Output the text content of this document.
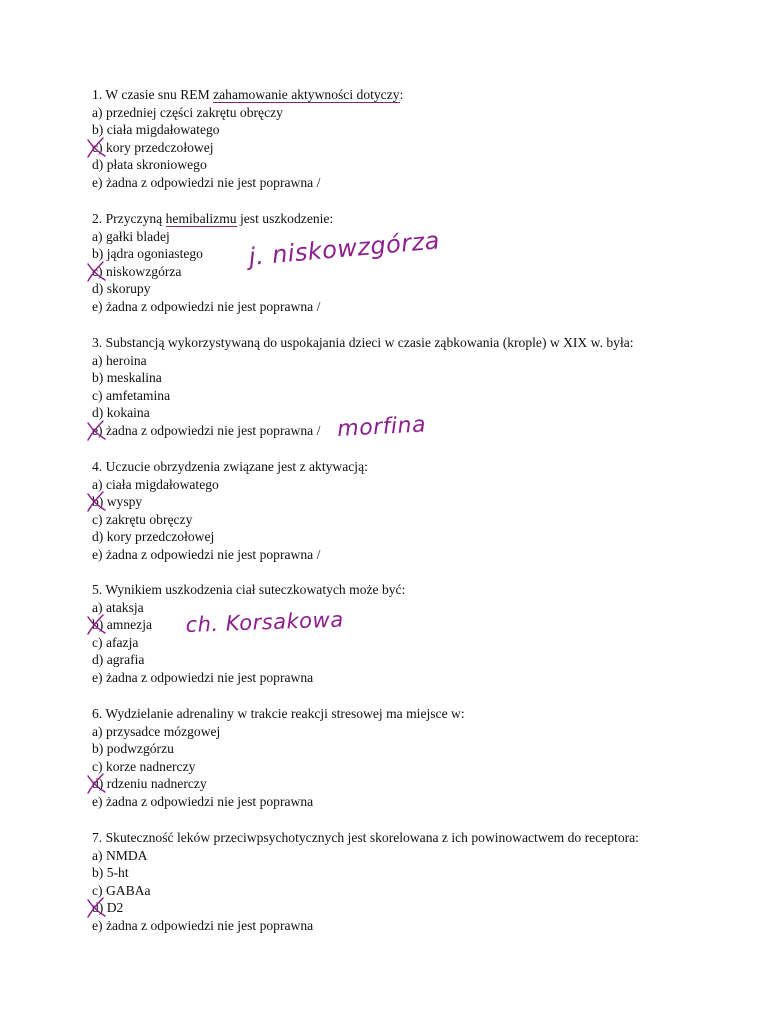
1. W czasie snu REM zahamowanie aktywności dotyczy:
a) przedniej części zakrętu obręczy
b) ciała migdałowatego
c) kory przedczołowej
d) płata skroniowego
e) żadna z odpowiedzi nie jest poprawna /
2. Przyczyną hemibalizmu jest uszkodzenie:
a) gałki bladej
b) jądra ogoniastego
c) niskowzgórza
d) skorupy
e) żadna z odpowiedzi nie jest poprawna /
3. Substancją wykorzystywaną do uspokajania dzieci w czasie ząbkowania (krople) w XIX w. była:
a) heroina
b) meskalina
c) amfetamina
d) kokaina
e) żadna z odpowiedzi nie jest poprawna /
4. Uczucie obrzydzenia związane jest z aktywacją:
a) ciała migdałowatego
b) wyspy
c) zakrętu obręczy
d) kory przedczołowej
e) żadna z odpowiedzi nie jest poprawna /
5. Wynikiem uszkodzenia ciał suteczkowatych może być:
a) ataksja
b) amnezja
c) afazja
d) agrafia
e) żadna z odpowiedzi nie jest poprawna
6. Wydzielanie adrenaliny w trakcie reakcji stresowej ma miejsce w:
a) przysadce mózgowej
b) podwzgórzu
c) korze nadnerczy
d) rdzeniu nadnerczy
e) żadna z odpowiedzi nie jest poprawna
7. Skuteczność leków przeciwpsychotycznych jest skorelowana z ich powinowactwem do receptora:
a) NMDA
b) 5-ht
c) GABAa
d) D2
e) żadna z odpowiedzi nie jest poprawna
j. niskowzgórza
morfina
ch. Korsakowa
